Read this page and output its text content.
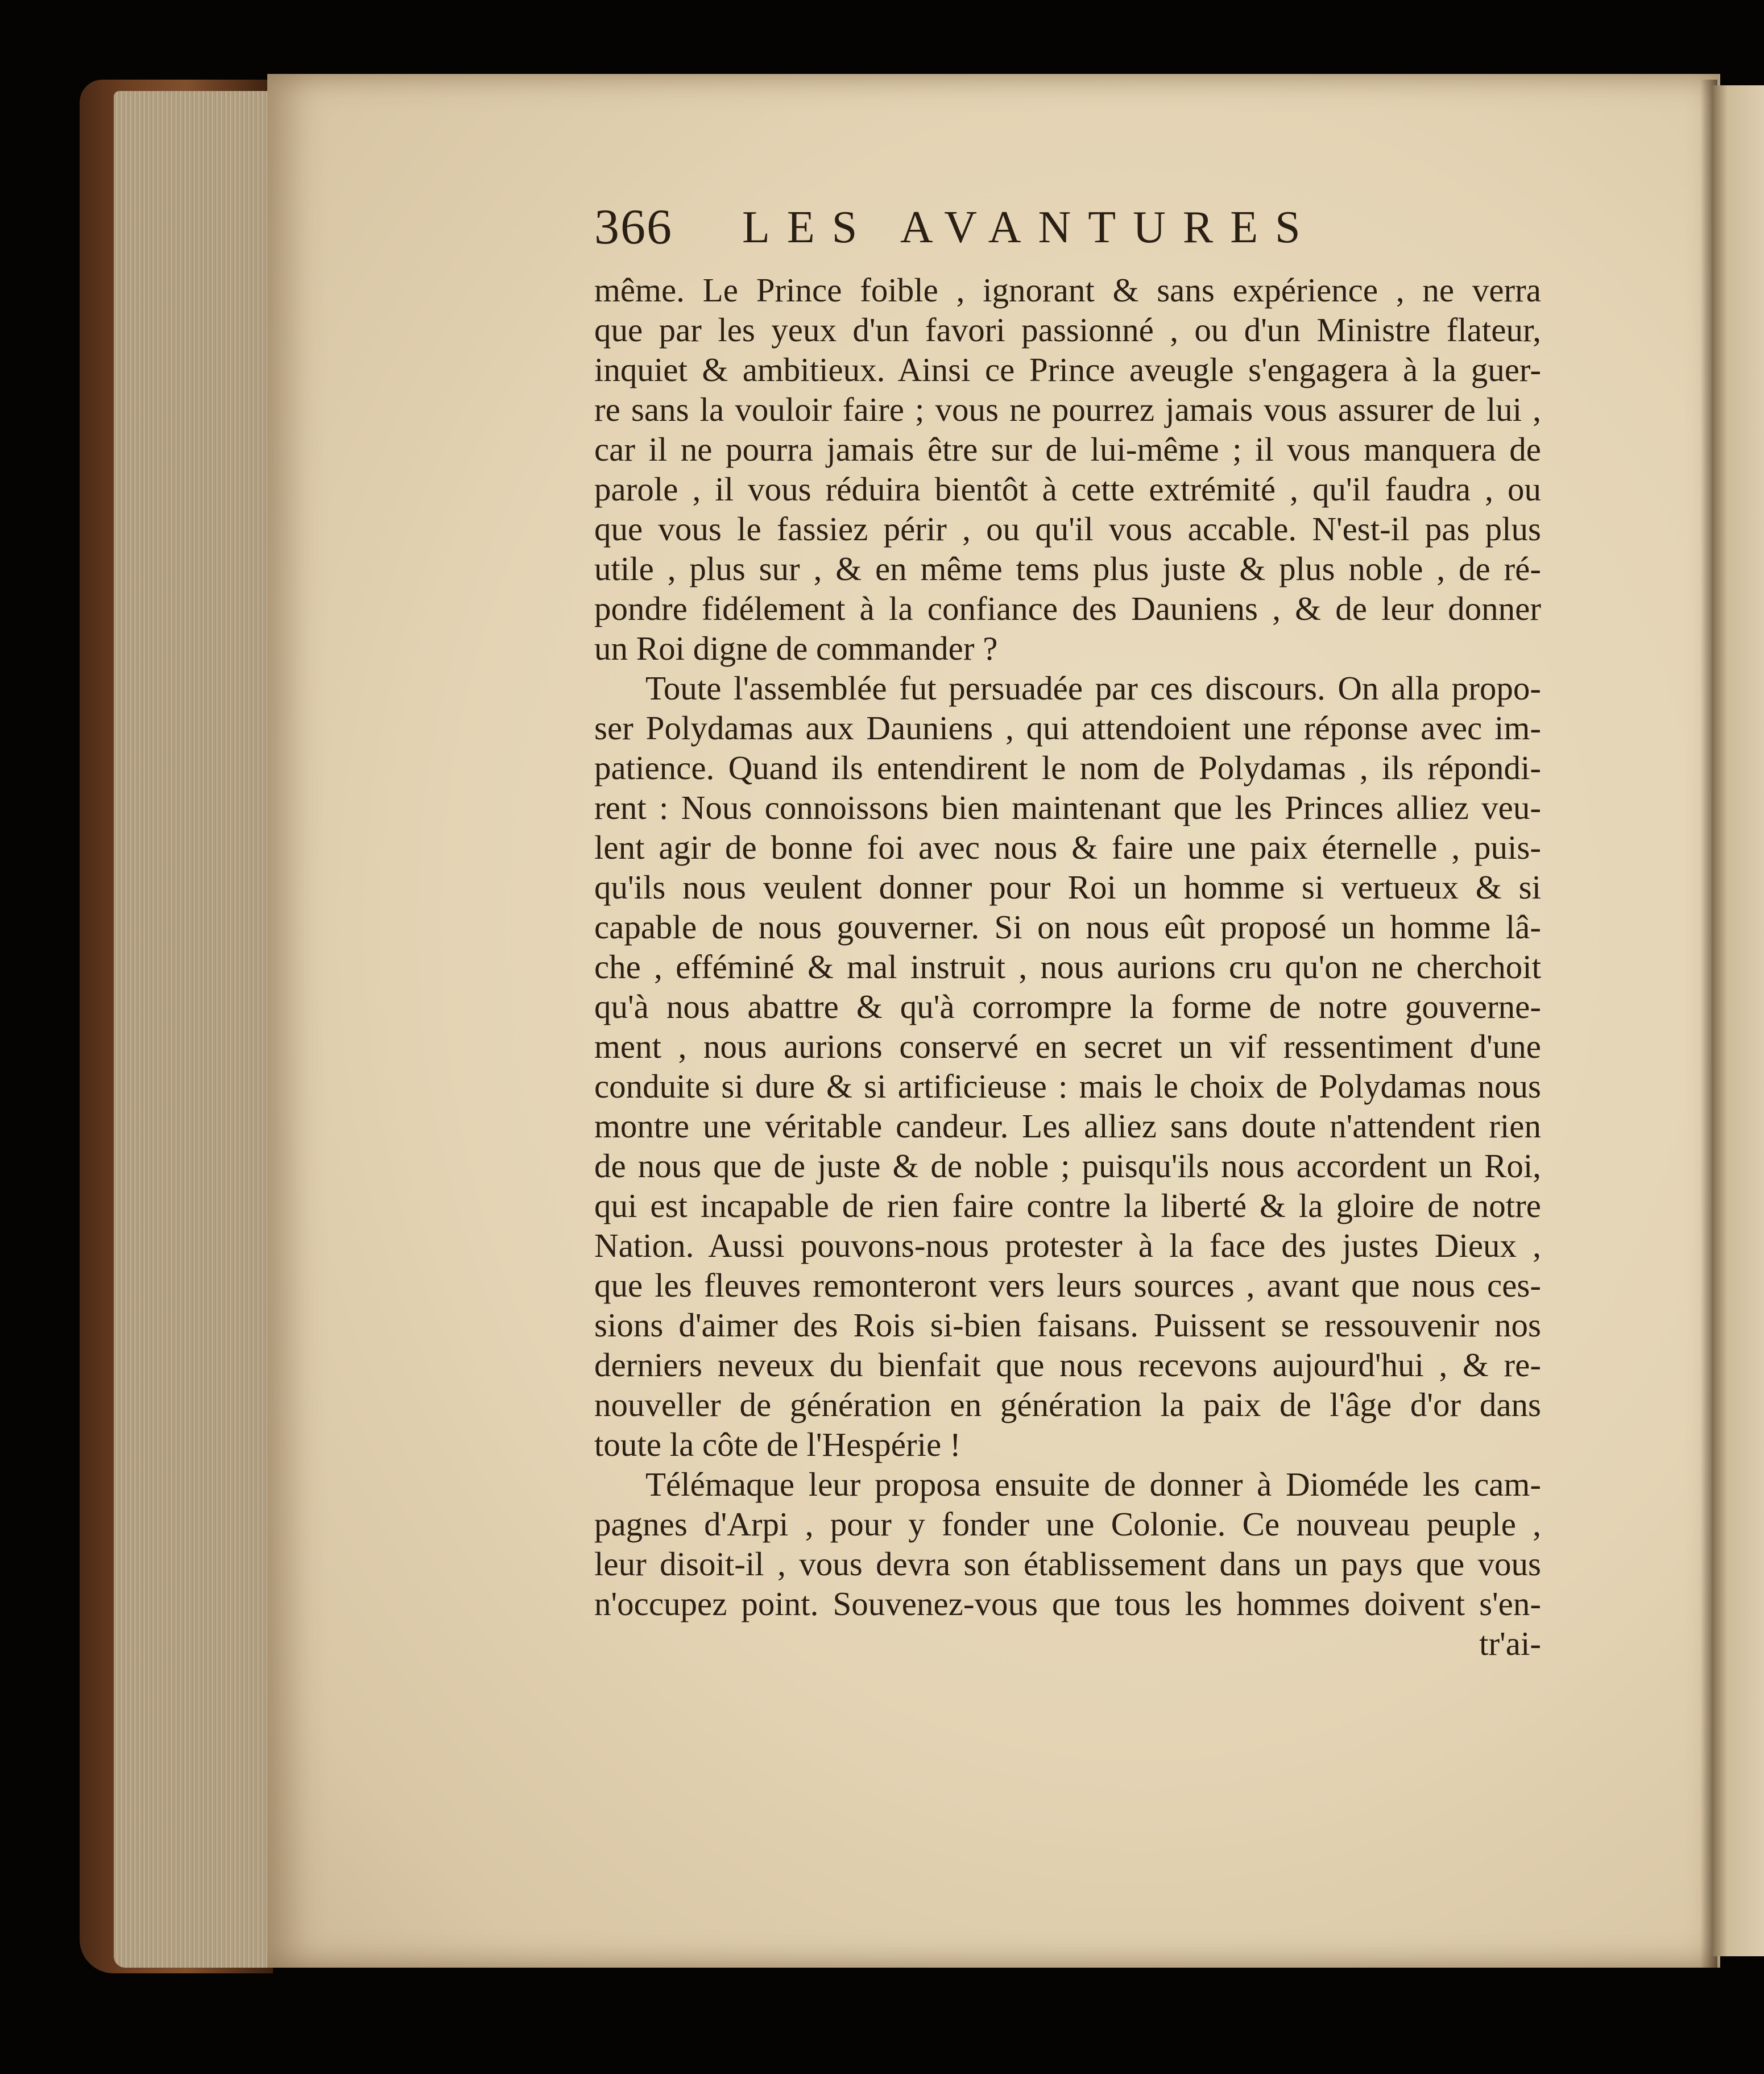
366 LES AVANTURES
même. Le Prince foible , ignorant & sans expérience , ne verra
que par les yeux d'un favori passionné , ou d'un Ministre flateur,
inquiet & ambitieux. Ainsi ce Prince aveugle s'engagera à la guer-
re sans la vouloir faire ; vous ne pourrez jamais vous assurer de lui ,
car il ne pourra jamais être sur de lui-même ; il vous manquera de
parole , il vous réduira bientôt à cette extrémité , qu'il faudra , ou
que vous le fassiez périr , ou qu'il vous accable. N'est-il pas plus
utile , plus sur , & en même tems plus juste & plus noble , de ré-
pondre fidélement à la confiance des Dauniens , & de leur donner
un Roi digne de commander ?
Toute l'assemblée fut persuadée par ces discours. On alla propo-
ser Polydamas aux Dauniens , qui attendoient une réponse avec im-
patience. Quand ils entendirent le nom de Polydamas , ils répondi-
rent : Nous connoissons bien maintenant que les Princes alliez veu-
lent agir de bonne foi avec nous & faire une paix éternelle , puis-
qu'ils nous veulent donner pour Roi un homme si vertueux & si
capable de nous gouverner. Si on nous eût proposé un homme lâ-
che , efféminé & mal instruit , nous aurions cru qu'on ne cherchoit
qu'à nous abattre & qu'à corrompre la forme de notre gouverne-
ment , nous aurions conservé en secret un vif ressentiment d'une
conduite si dure & si artificieuse : mais le choix de Polydamas nous
montre une véritable candeur. Les alliez sans doute n'attendent rien
de nous que de juste & de noble ; puisqu'ils nous accordent un Roi,
qui est incapable de rien faire contre la liberté & la gloire de notre
Nation. Aussi pouvons-nous protester à la face des justes Dieux ,
que les fleuves remonteront vers leurs sources , avant que nous ces-
sions d'aimer des Rois si-bien faisans. Puissent se ressouvenir nos
derniers neveux du bienfait que nous recevons aujourd'hui , & re-
nouveller de génération en génération la paix de l'âge d'or dans
toute la côte de l'Hespérie !
Télémaque leur proposa ensuite de donner à Dioméde les cam-
pagnes d'Arpi , pour y fonder une Colonie. Ce nouveau peuple ,
leur disoit-il , vous devra son établissement dans un pays que vous
n'occupez point. Souvenez-vous que tous les hommes doivent s'en-
tr'ai-
